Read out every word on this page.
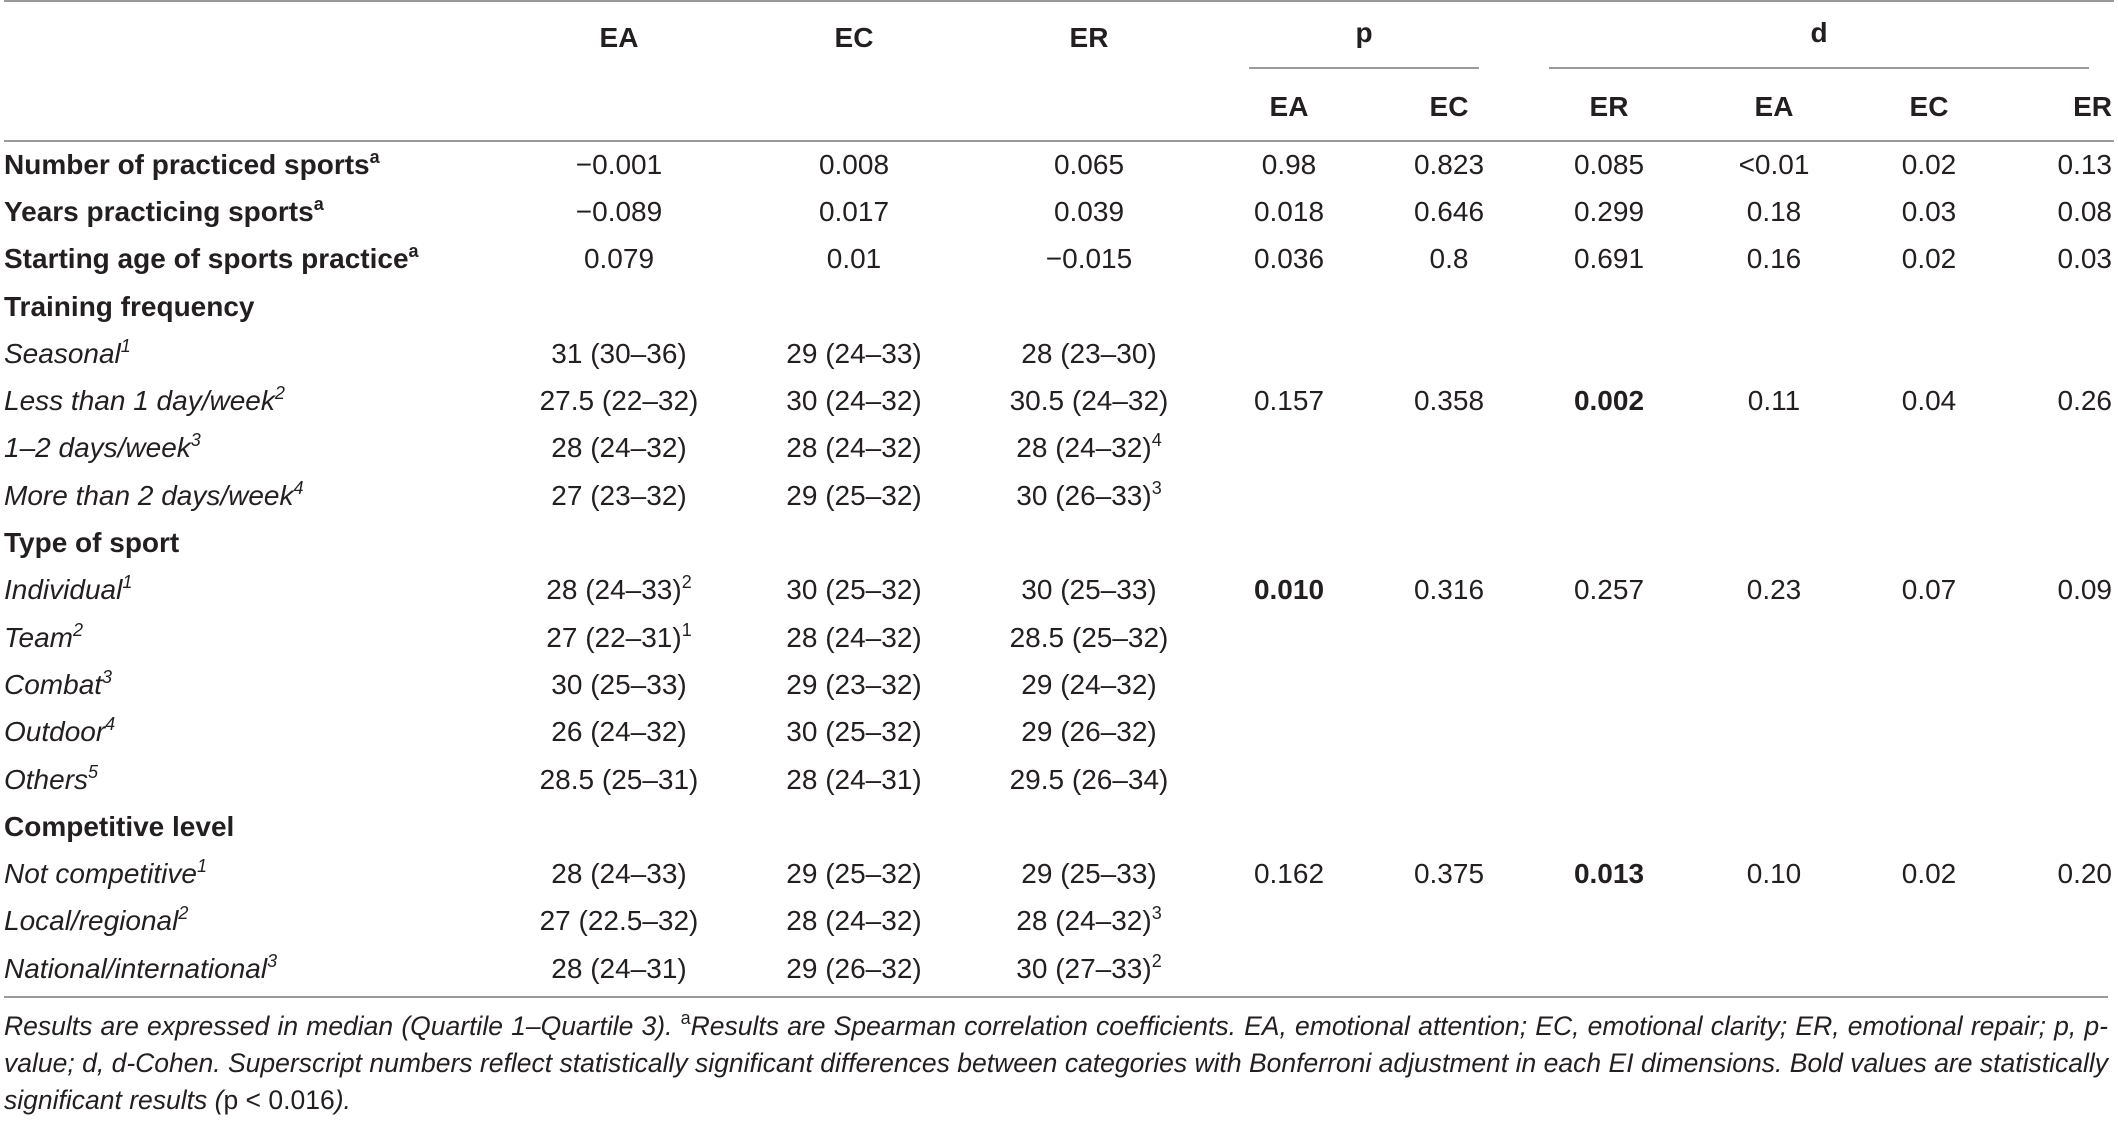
	EA	EC	ER	p		d			
				EA	EC	ER	EA	EC	ER
Number of practiced sports$^a$	−0.001	0.008	0.065	0.98	0.823	0.085	<0.01	0.02	0.13
Years practicing sports$^a$	−0.089	0.017	0.039	0.018	0.646	0.299	0.18	0.03	0.08
Starting age of sports practice$^a$	0.079	0.01	−0.015	0.036	0.8	0.691	0.16	0.02	0.03
Training frequency									
Seasonal$^1$	31 (30–36)	29 (24–33)	28 (23–30)						
Less than 1 day/week$^2$	27.5 (22–32)	30 (24–32)	30.5 (24–32)	0.157	0.358	0.002	0.11	0.04	0.26
1–2 days/week$^3$	28 (24–32)	28 (24–32)	28 $(24-32)^4$						
More than 2 days/week$^4$	27 (23–32)	29 (25–32)	30 $(26-33)^3$						
Type of sport									
Individual$^1$	28 $(24-33)^2$	30 (25–32)	30 (25–33)	0.010	0.316	0.257	0.23	0.07	0.09
Team$^2$	27 $(22-31)^1$	28 (24–32)	28.5 (25–32)						
Combat$^3$	30 (25–33)	29 (23–32)	29 (24–32)						
Outdoor$^4$	26 (24–32)	30 (25–32)	29 (26–32)						
Others$^5$	28.5 (25–31)	28 (24–31)	29.5 (26–34)						
Competitive level									
Not competitive$^1$	28 (24–33)	29 (25–32)	29 (25–33)	0.162	0.375	0.013	0.10	0.02	0.20
Local/regional$^2$	27 (22.5–32)	28 (24–32)	28 $(24-32)^3$						
National/international$^3$	28 (24–31)	29 (26–32)	30 $(27-33)^2$						
Results are expressed in median (Quartile 1–Quartile 3). $^a$Results are Spearman correlation coefficients. EA, emotional attention; EC, emotional clarity; ER, emotional repair; p, p-value; d, d-Cohen. Superscript numbers reflect statistically significant differences between categories with Bonferroni adjustment in each EI dimensions. Bold values are statistically significant results (p < 0.016).
